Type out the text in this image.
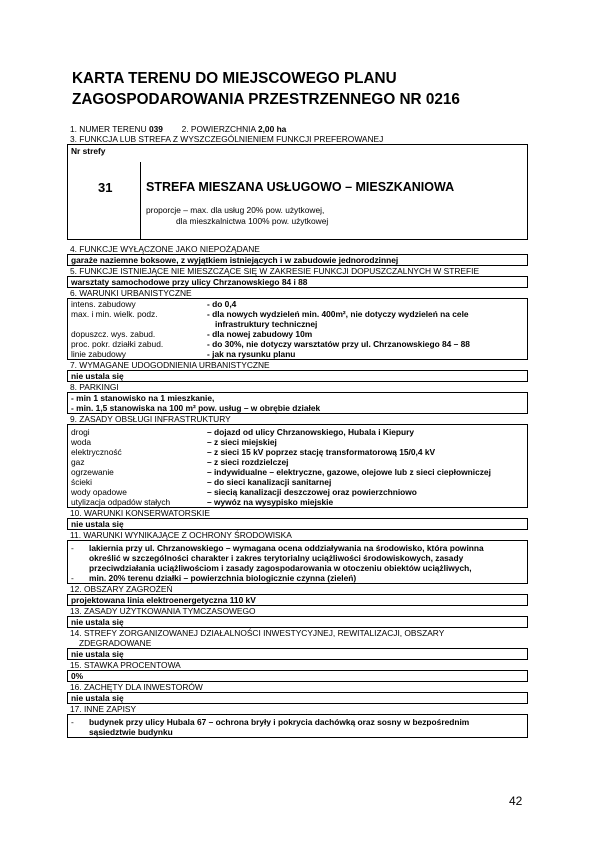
KARTA TERENU DO MIEJSCOWEGO PLANU
ZAGOSPODAROWANIA PRZESTRZENNEGO NR 0216
1. NUMER TERENU 039 2. POWIERZCHNIA 2,00 ha
3. FUNKCJA LUB STREFA Z WYSZCZEGÓLNIENIEM FUNKCJI PREFEROWANEJ
Nr strefy
31	STREFA MIESZANA USŁUGOWO – MIESZKANIOWA
proporcje – max. dla usług 20% pow. użytkowej,
dla mieszkalnictwa 100% pow. użytkowej
4. FUNKCJE WYŁĄCZONE JAKO NIEPOŻĄDANE
garaże naziemne boksowe, z wyjątkiem istniejących i w zabudowie jednorodzinnej
5. FUNKCJE ISTNIEJĄCE NIE MIESZCZĄCE SIĘ W ZAKRESIE FUNKCJI DOPUSZCZALNYCH W STREFIE
warsztaty samochodowe przy ulicy Chrzanowskiego 84 i 88
6. WARUNKI URBANISTYCZNE
intens. zabudowy	- do 0,4
max. i min. wielk. podz.	- dla nowych wydzieleń min. 400m², nie dotyczy wydzieleń na cele
infrastruktury technicznej

dopuszcz. wys. zabud.	- dla nowej zabudowy 10m
proc. pokr. działki zabud.	- do 30%, nie dotyczy warsztatów przy ul. Chrzanowskiego 84 – 88
linie zabudowy	- jak na rysunku planu
7. WYMAGANE UDOGODNIENIA URBANISTYCZNE
nie ustala się
8. PARKINGI
- min 1 stanowisko na 1 mieszkanie,
- min. 1,5 stanowiska na 100 m² pow. usług – w obrębie działek
9. ZASADY OBSŁUGI INFRASTRUKTURY
drogi	– dojazd od ulicy Chrzanowskiego, Hubala i Kiepury
woda	– z sieci miejskiej
elektryczność	– z sieci 15 kV poprzez stację transformatorową 15/0,4 kV
gaz	– z sieci rozdzielczej
ogrzewanie	– indywidualne – elektryczne, gazowe, olejowe lub z sieci ciepłowniczej
ścieki	– do sieci kanalizacji sanitarnej
wody opadowe	– siecią kanalizacji deszczowej oraz powierzchniowo
utylizacja odpadów stałych	– wywóz na wysypisko miejskie
10. WARUNKI KONSERWATORSKIE
nie ustala się
11. WARUNKI WYNIKAJĄCE Z OCHRONY ŚRODOWISKA
-	lakiernia przy ul. Chrzanowskiego – wymagana ocena oddziaływania na środowisko, która powinna
określić w szczególności charakter i zakres terytorialny uciążliwości środowiskowych, zasady
przeciwdziałania uciążliwościom i zasady zagospodarowania w otoczeniu obiektów uciążliwych,

-	min. 20% terenu działki – powierzchnia biologicznie czynna (zieleń)
12. OBSZARY ZAGROŻEŃ
projektowana linia elektroenergetyczna 110 kV
13. ZASADY UŻYTKOWANIA TYMCZASOWEGO
nie ustala się
14. STREFY ZORGANIZOWANEJ DZIAŁALNOŚCI INWESTYCYJNEJ, REWITALIZACJI, OBSZARY
ZDEGRADOWANE
nie ustala się
15. STAWKA PROCENTOWA
0%
16. ZACHĘTY DLA INWESTORÓW
nie ustala się
17. INNE ZAPISY
-	budynek przy ulicy Hubala 67 – ochrona bryły i pokrycia dachówką oraz sosny w bezpośrednim
sąsiedztwie budynku
42
